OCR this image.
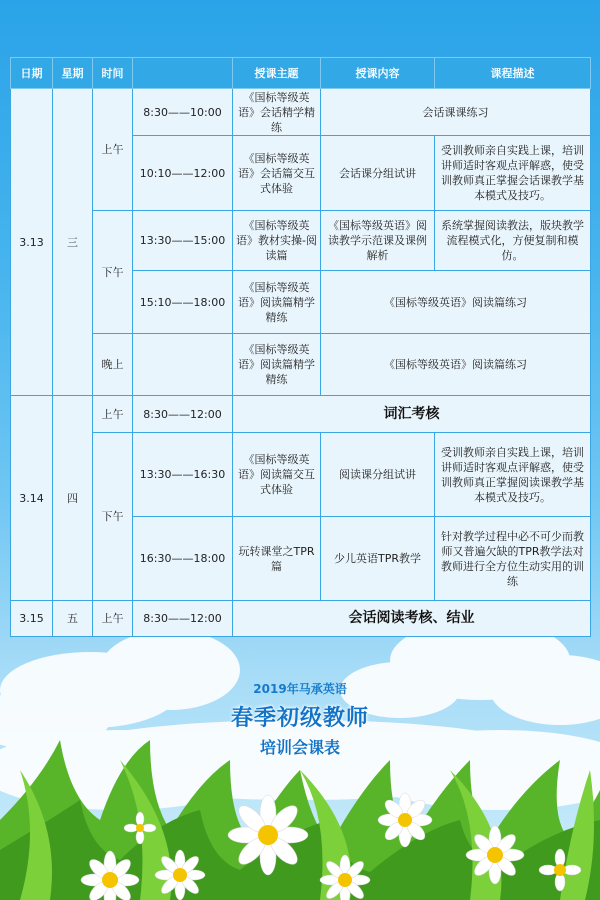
日期	星期	时间		授课主题	授课内容	课程描述
3.13	三	上午	8:30——10:00	《国标等级英语》会话精学精练	会话课课练习	
			10:10——12:00	《国标等级英语》会话篇交互式体验	会话课分组试讲	受训教师亲自实践上课，培训讲师适时客观点评解惑，使受训教师真正掌握会话课教学基本模式及技巧。
		下午	13:30——15:00	《国标等级英语》教材实操-阅读篇	《国标等级英语》阅读教学示范课及课例解析	系统掌握阅读教法，版块教学流程模式化，方便复制和模仿。
			15:10——18:00	《国标等级英语》阅读篇精学精练	《国标等级英语》阅读篇练习	
		晚上		《国标等级英语》阅读篇精学精练	《国标等级英语》阅读篇练习	
3.14	四	上午	8:30——12:00	词汇考核		
		下午	13:30——16:30	《国标等级英语》阅读篇交互式体验	阅读课分组试讲	受训教师亲自实践上课，培训讲师适时客观点评解惑，使受训教师真正掌握阅读课教学基本模式及技巧。
			16:30——18:00	玩转课堂之TPR篇	少儿英语TPR教学	针对教学过程中必不可少而教师又普遍欠缺的TPR教学法对教师进行全方位生动实用的训练
3.15	五	上午	8:30——12:00	会话阅读考核、结业		
2019年马承英语
春季初级教师
培训会课表
